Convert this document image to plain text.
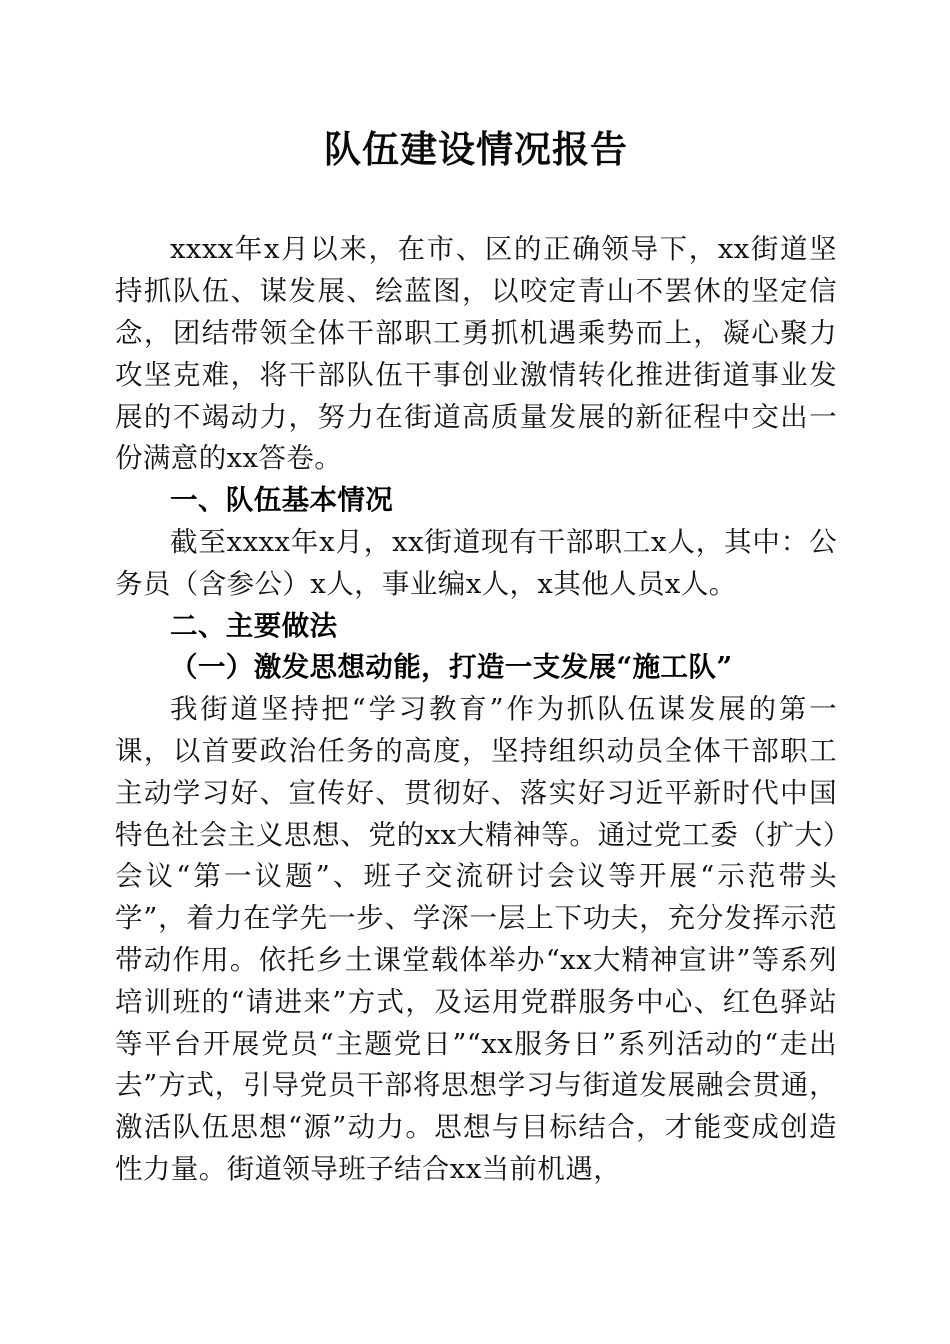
队伍建设情况报告

xxxx年x月以来，在市、区的正确领导下，xx街道坚持抓队伍、谋发展、绘蓝图，以咬定青山不罢休的坚定信念，团结带领全体干部职工勇抓机遇乘势而上，凝心聚力攻坚克难，将干部队伍干事创业激情转化推进街道事业发展的不竭动力，努力在街道高质量发展的新征程中交出一份满意的xx答卷。

一、队伍基本情况

截至xxxx年x月，xx街道现有干部职工x人，其中：公务员（含参公）x人，事业编x人，x其他人员x人。

二、主要做法

（一）激发思想动能，打造一支发展“施工队”

我街道坚持把“学习教育”作为抓队伍谋发展的第一课，以首要政治任务的高度，坚持组织动员全体干部职工主动学习好、宣传好、贯彻好、落实好习近平新时代中国特色社会主义思想、党的xx大精神等。通过党工委（扩大）会议“第一议题”、班子交流研讨会议等开展“示范带头学”，着力在学先一步、学深一层上下功夫，充分发挥示范带动作用。依托乡土课堂载体举办“xx大精神宣讲”等系列培训班的“请进来”方式，及运用党群服务中心、红色驿站等平台开展党员“主题党日”“xx服务日”系列活动的“走出去”方式，引导党员干部将思想学习与街道发展融会贯通，激活队伍思想“源”动力。思想与目标结合，才能变成创造性力量。街道领导班子结合xx当前机遇，
